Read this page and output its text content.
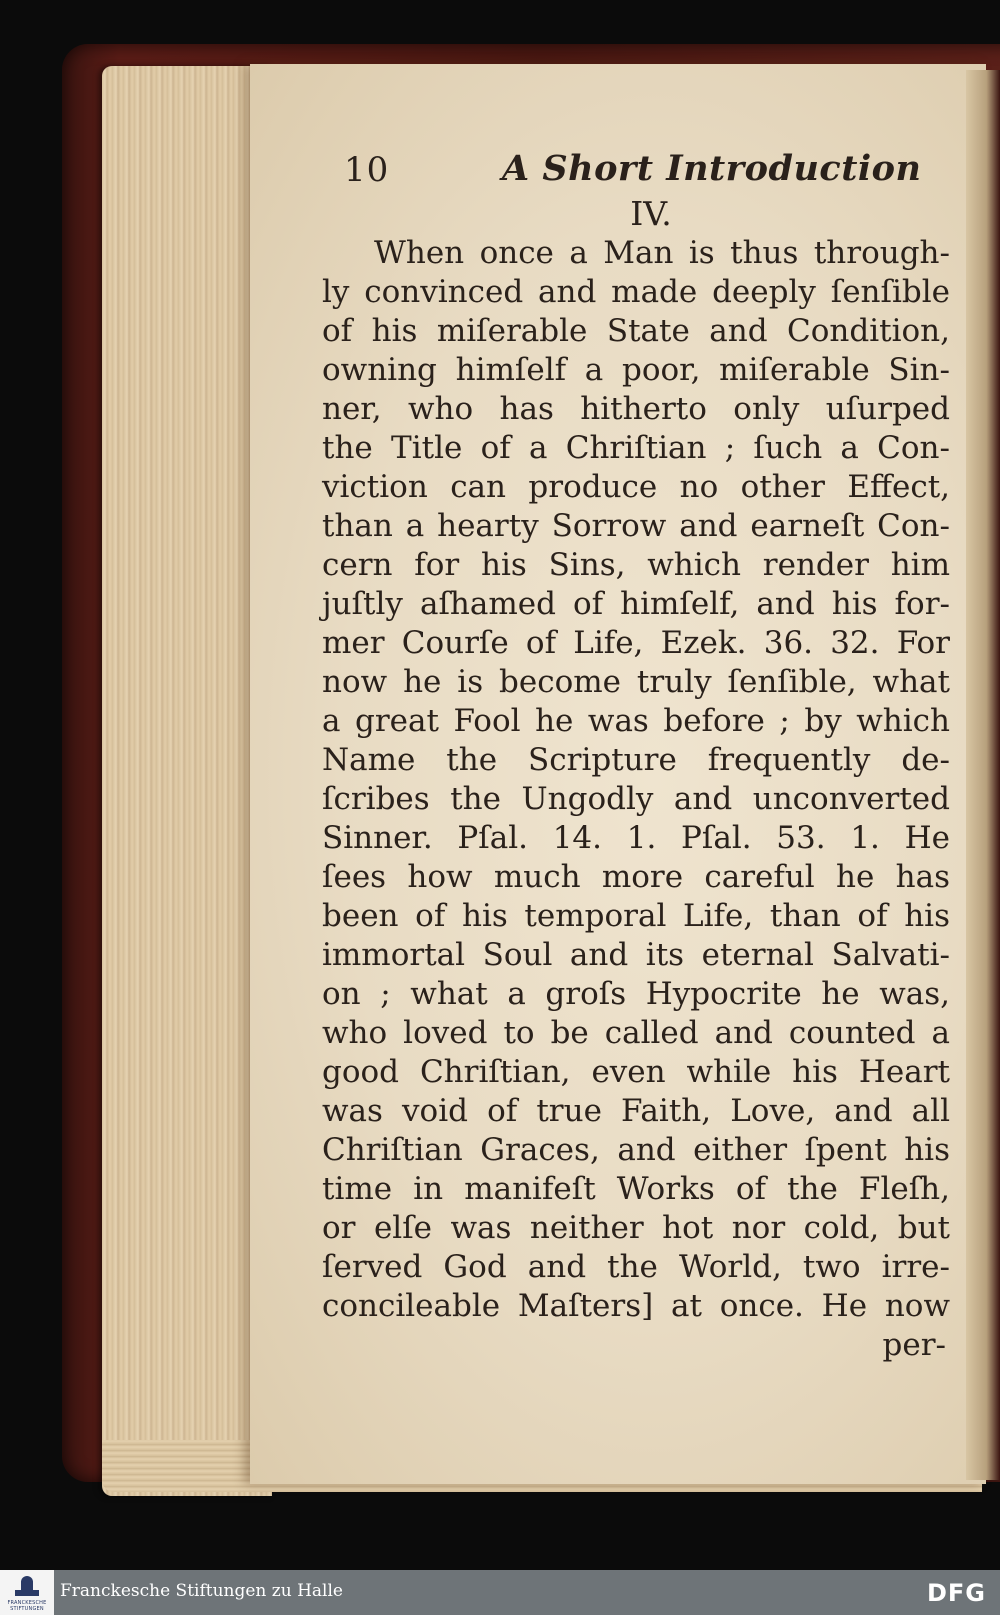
10	A Short Introduction
IV.
When once a Man is thus through-
ly convinced and made deeply ſenſible
of his miſerable State and Condition,
owning himſelf a poor, miſerable Sin-
ner, who has hitherto only uſurped
the Title of a Chriſtian ; ſuch a Con-
viction can produce no other Effect,
than a hearty Sorrow and earneſt Con-
cern for his Sins, which render him
juſtly aſhamed of himſelf, and his for-
mer Courſe of Life, Ezek. 36. 32. For
now he is become truly ſenſible, what
a great Fool he was before ; by which
Name the Scripture frequently de-
ſcribes the Ungodly and unconverted
Sinner. Pſal. 14. 1. Pſal. 53. 1. He
ſees how much more careful he has
been of his temporal Life, than of his
immortal Soul and its eternal Salvati-
on ; what a groſs Hypocrite he was,
who loved to be called and counted a
good Chriſtian, even while his Heart
was void of true Faith, Love, and all
Chriſtian Graces, and either ſpent his
time in manifeſt Works of the Fleſh,
or elſe was neither hot nor cold, but
ſerved God and the World, two irre-
concileable Maſters] at once. He now
per-
FRANCKESCHE STIFTUNGEN
Franckesche Stiftungen zu Halle	DFG
